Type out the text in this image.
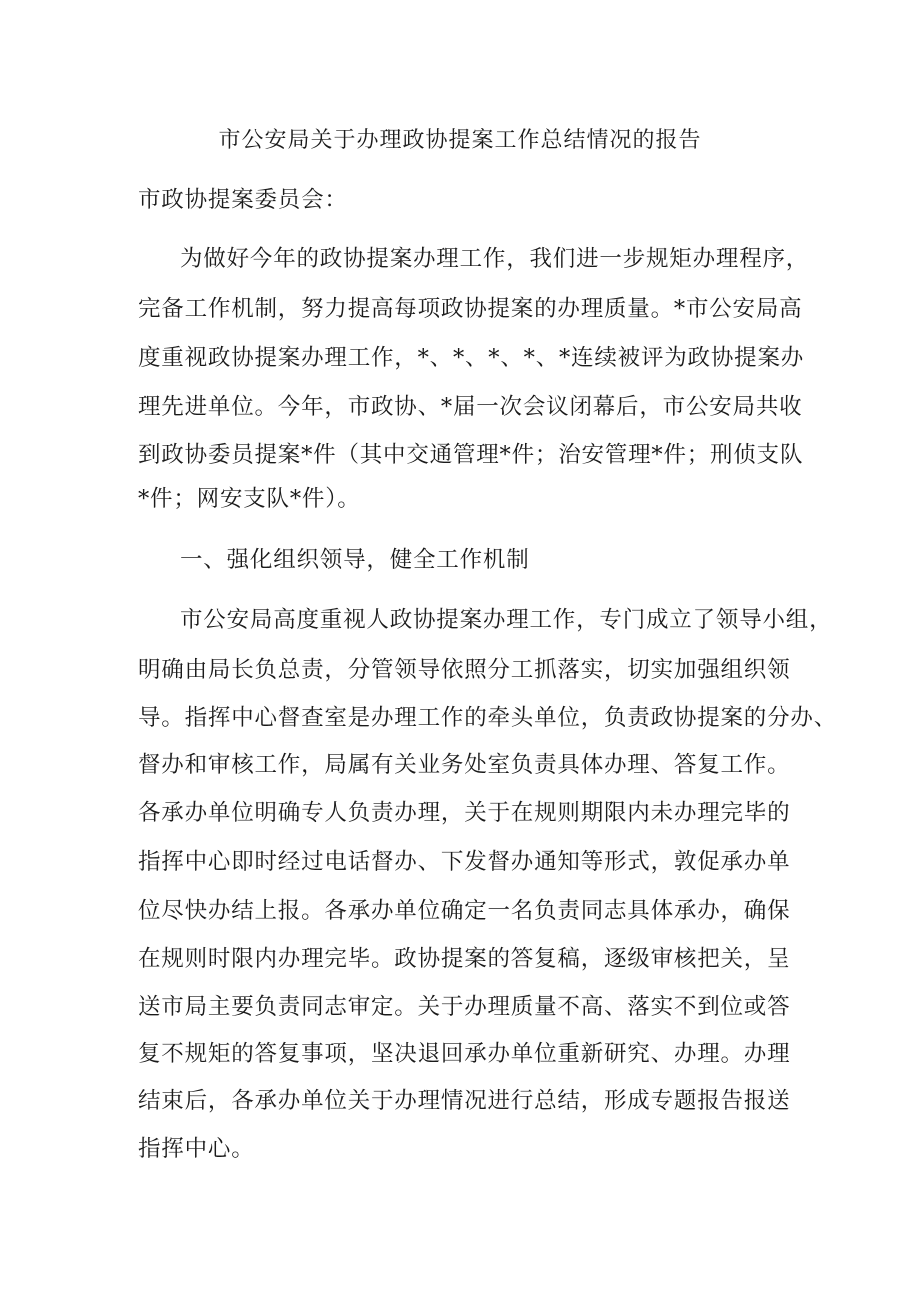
市公安局关于办理政协提案工作总结情况的报告
市政协提案委员会：
为做好今年的政协提案办理工作，我们进一步规矩办理程序，
完备工作机制，努力提高每项政协提案的办理质量。*市公安局高
度重视政协提案办理工作，*、*、*、*、*连续被评为政协提案办
理先进单位。今年，市政协、*届一次会议闭幕后，市公安局共收
到政协委员提案*件（其中交通管理*件；治安管理*件；刑侦支队
*件；网安支队*件）。
一、强化组织领导，健全工作机制
市公安局高度重视人政协提案办理工作，专门成立了领导小组，
明确由局长负总责，分管领导依照分工抓落实，切实加强组织领
导。指挥中心督查室是办理工作的牵头单位，负责政协提案的分办、
督办和审核工作，局属有关业务处室负责具体办理、答复工作。
各承办单位明确专人负责办理，关于在规则期限内未办理完毕的
指挥中心即时经过电话督办、下发督办通知等形式，敦促承办单
位尽快办结上报。各承办单位确定一名负责同志具体承办，确保
在规则时限内办理完毕。政协提案的答复稿，逐级审核把关，呈
送市局主要负责同志审定。关于办理质量不高、落实不到位或答
复不规矩的答复事项，坚决退回承办单位重新研究、办理。办理
结束后，各承办单位关于办理情况进行总结，形成专题报告报送
指挥中心。
